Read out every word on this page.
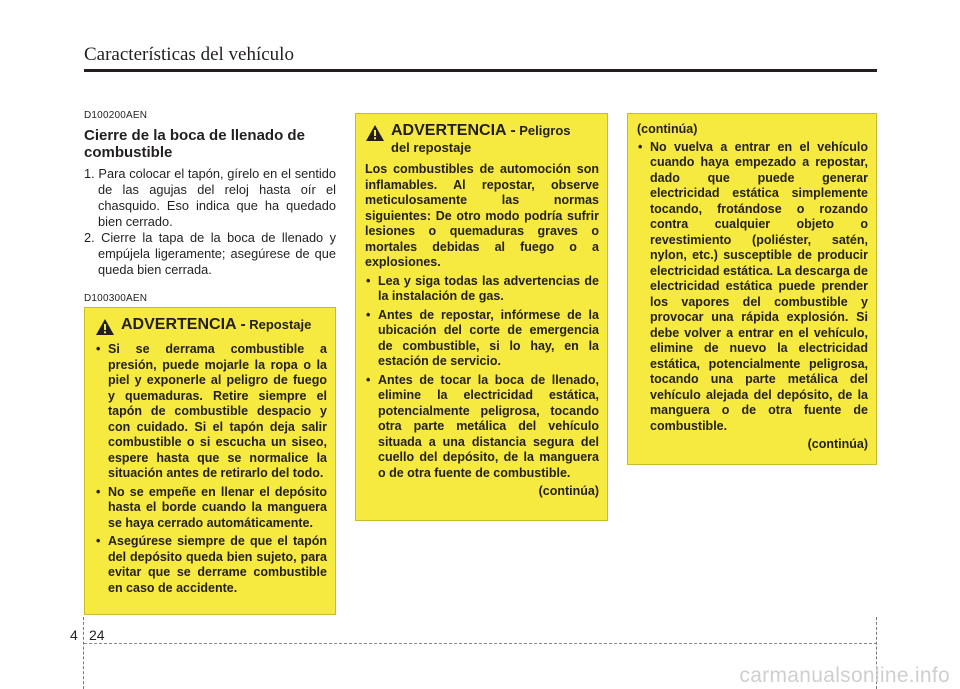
Características del vehículo
D100200AEN
Cierre de la boca de llenado de combustible
1. Para colocar el tapón, gírelo en el sentido de las agujas del reloj hasta oír el chasquido. Eso indica que ha quedado bien cerrado.
2. Cierre la tapa de la boca de llenado y empújela ligeramente; asegúrese de que queda bien cerrada.
D100300AEN
ADVERTENCIA - Repostaje
• Si se derrama combustible a presión, puede mojarle la ropa o la piel y exponerle al peligro de fuego y quemaduras. Retire siempre el tapón de combustible despacio y con cuidado. Si el tapón deja salir combustible o si escucha un siseo, espere hasta que se normalice la situación antes de retirarlo del todo.
• No se empeñe en llenar el depósito hasta el borde cuando la manguera se haya cerrado automáticamente.
• Asegúrese siempre de que el tapón del depósito queda bien sujeto, para evitar que se derrame combustible en caso de accidente.
ADVERTENCIA - Peligros
del repostaje

Los combustibles de automoción son inflamables. Al repostar, observe meticulosamente las normas siguientes: De otro modo podría sufrir lesiones o quemaduras graves o mortales debidas al fuego o a explosiones.

• Lea y siga todas las advertencias de la instalación de gas.
• Antes de repostar, infórmese de la ubicación del corte de emergencia de combustible, si lo hay, en la estación de servicio.
• Antes de tocar la boca de llenado, elimine la electricidad estática, potencialmente peligrosa, tocando otra parte metálica del vehículo situada a una distancia segura del cuello del depósito, de la manguera o de otra fuente de combustible.
(continúa)
(continúa)
• No vuelva a entrar en el vehículo cuando haya empezado a repostar, dado que puede generar electricidad estática simplemente tocando, frotándose o rozando contra cualquier objeto o revestimiento (poliéster, satén, nylon, etc.) susceptible de producir electricidad estática. La descarga de electricidad estática puede prender los vapores del combustible y provocar una rápida explosión. Si debe volver a entrar en el vehículo, elimine de nuevo la electricidad estática, potencialmente peligrosa, tocando una parte metálica del vehículo alejada del depósito, de la manguera o de otra fuente de combustible.
(continúa)
4 24
carmanualsonline.info
